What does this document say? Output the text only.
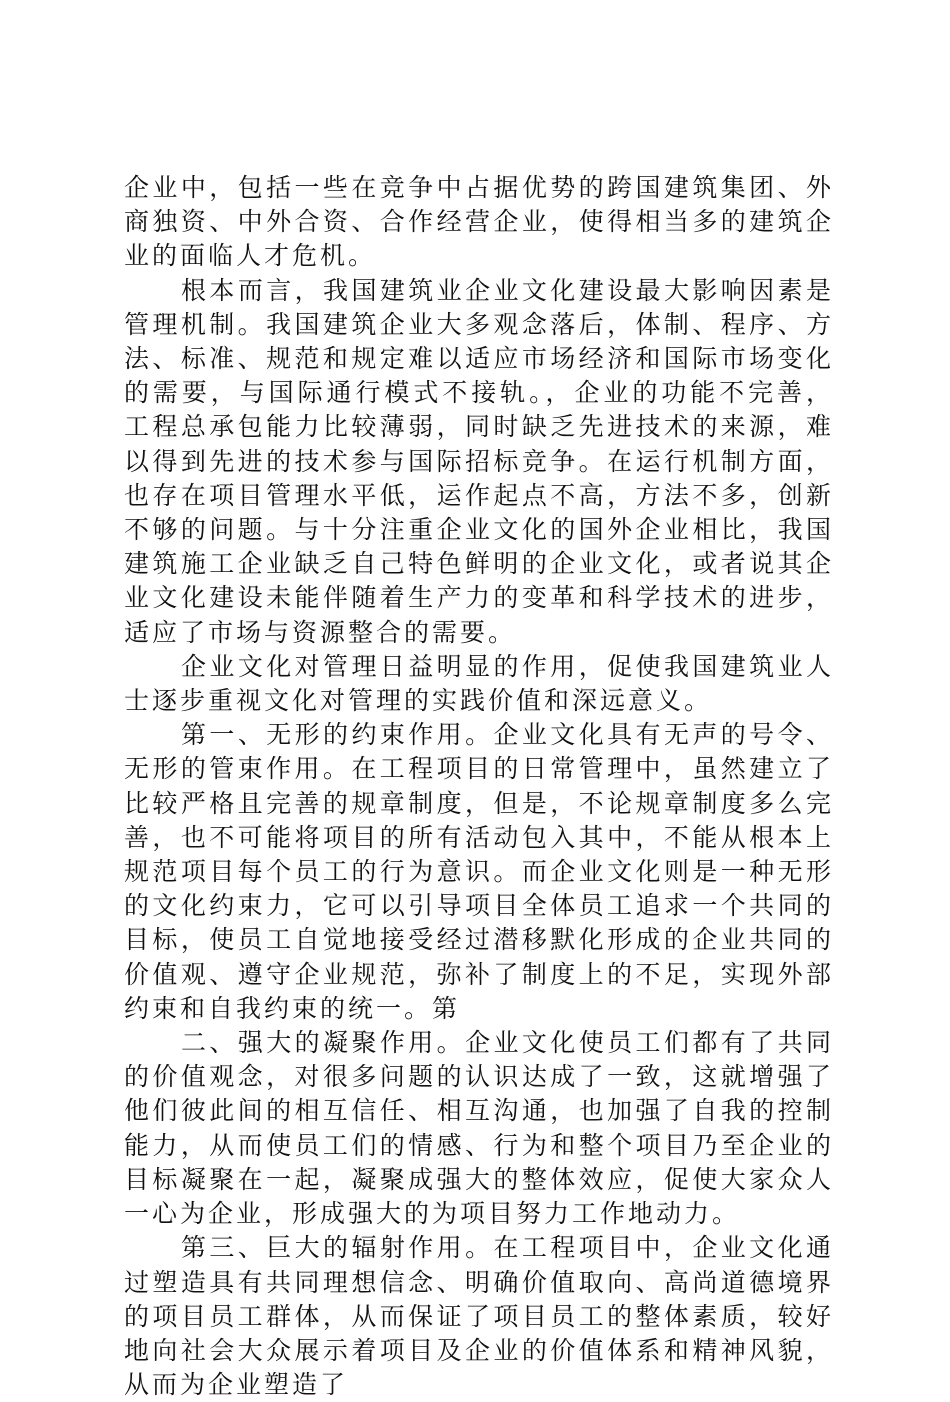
企业中，包括一些在竞争中占据优势的跨国建筑集团、外商独资、中外合资、合作经营企业，使得相当多的建筑企业的面临人才危机。

根本而言，我国建筑业企业文化建设最大影响因素是管理机制。我国建筑企业大多观念落后，体制、程序、方法、标准、规范和规定难以适应市场经济和国际市场变化的需要，与国际通行模式不接轨。，企业的功能不完善，工程总承包能力比较薄弱，同时缺乏先进技术的来源，难以得到先进的技术参与国际招标竞争。在运行机制方面，也存在项目管理水平低，运作起点不高，方法不多，创新不够的问题。与十分注重企业文化的国外企业相比，我国建筑施工企业缺乏自己特色鲜明的企业文化，或者说其企业文化建设未能伴随着生产力的变革和科学技术的进步，适应了市场与资源整合的需要。

企业文化对管理日益明显的作用，促使我国建筑业人士逐步重视文化对管理的实践价值和深远意义。

第一、无形的约束作用。企业文化具有无声的号令、无形的管束作用。在工程项目的日常管理中，虽然建立了比较严格且完善的规章制度，但是，不论规章制度多么完善，也不可能将项目的所有活动包入其中，不能从根本上规范项目每个员工的行为意识。而企业文化则是一种无形的文化约束力，它可以引导项目全体员工追求一个共同的目标，使员工自觉地接受经过潜移默化形成的企业共同的价值观、遵守企业规范，弥补了制度上的不足，实现外部约束和自我约束的统一。第

二、强大的凝聚作用。企业文化使员工们都有了共同的价值观念，对很多问题的认识达成了一致，这就增强了他们彼此间的相互信任、相互沟通，也加强了自我的控制能力，从而使员工们的情感、行为和整个项目乃至企业的目标凝聚在一起，凝聚成强大的整体效应，促使大家众人一心为企业，形成强大的为项目努力工作地动力。

第三、巨大的辐射作用。在工程项目中，企业文化通过塑造具有共同理想信念、明确价值取向、高尚道德境界的项目员工群体，从而保证了项目员工的整体素质，较好地向社会大众展示着项目及企业的价值体系和精神风貌，从而为企业塑造了
